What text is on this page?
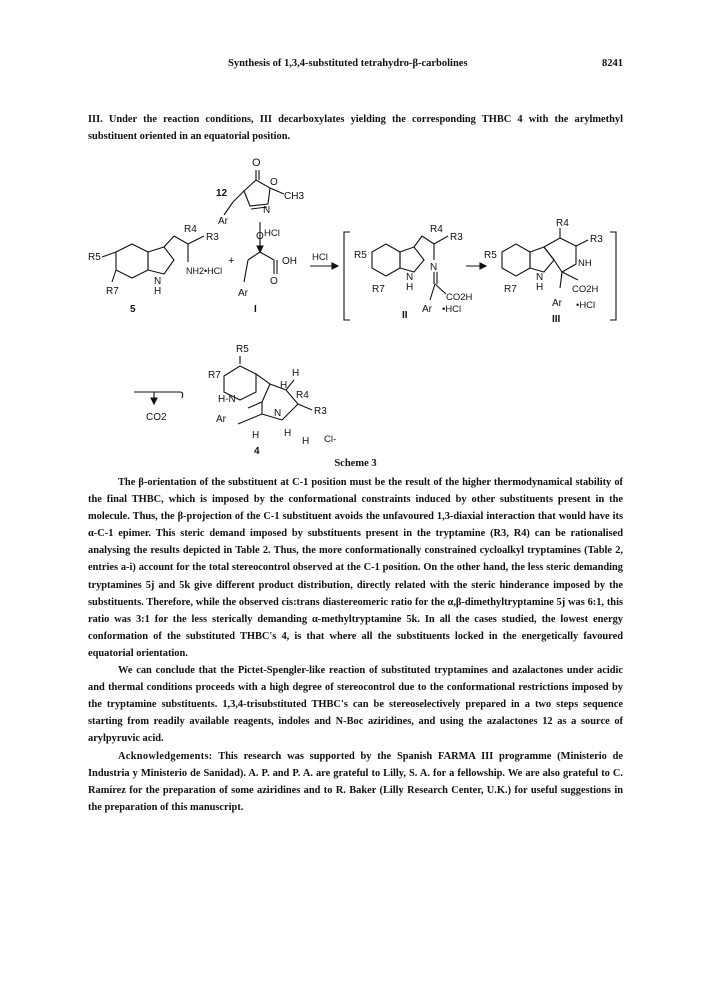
Synthesis of 1,3,4-substituted tetrahydro-β-carbolines	8241
III. Under the reaction conditions, III decarboxylates yielding the corresponding THBC 4 with the arylmethyl substituent oriented in an equatorial position.
O
O
N
CH3
12
Ar
HCl
R5
R4
R3
NH2•HCl
N
H
R7
5
+
O
OH
O
Ar
I
HCl	R5
R4
R3
N
N
H
CO2H
Ar •HCl
R7
II
R5
R4
R3
NH
N
H	CO2H
Ar •HCl
R7
III
CO2
R5
R7
H-N
N
R4
R3
H
H
H H
H
Ar
Cl-
4
Scheme 3

The β-orientation of the substituent at C-1 position must be the result of the higher thermodynamical stability of the final THBC, which is imposed by the conformational constraints induced by other substituents present in the molecule. Thus, the β-projection of the C-1 substituent avoids the unfavoured 1,3-diaxial interaction that would have its α-C-1 epimer. This steric demand imposed by substituents present in the tryptamine (R3, R4) can be rationalised analysing the results depicted in Table 2. Thus, the more conformationally constrained cycloalkyl tryptamines (Table 2, entries a-i) account for the total stereocontrol observed at the C-1 position. On the other hand, the less steric demanding tryptamines 5j and 5k give different product distribution, directly related with the steric hinderance imposed by the substituents. Therefore, while the observed cis:trans diastereomeric ratio for the α,β-dimethyltryptamine 5j was 6:1, this ratio was 3:1 for the less sterically demanding α-methyltryptamine 5k. In all the cases studied, the lowest energy conformation of the substituted THBC's 4, is that where all the substituents locked in the energetically favoured equatorial orientation.

We can conclude that the Pictet-Spengler-like reaction of substituted tryptamines and azalactones under acidic and thermal conditions proceeds with a high degree of stereocontrol due to the conformational restrictions imposed by the tryptamine substituents. 1,3,4-trisubstituted THBC's can be stereoselectively prepared in a two steps sequence starting from readily available reagents, indoles and N-Boc aziridines, and using the azalactones 12 as a source of arylpyruvic acid.

Acknowledgements: This research was supported by the Spanish FARMA III programme (Ministerio de Industria y Ministerio de Sanidad). A. P. and P. A. are grateful to Lilly, S. A. for a fellowship. We are also grateful to C. Ramírez for the preparation of some aziridines and to R. Baker (Lilly Research Center, U.K.) for useful suggestions in the preparation of this manuscript.
